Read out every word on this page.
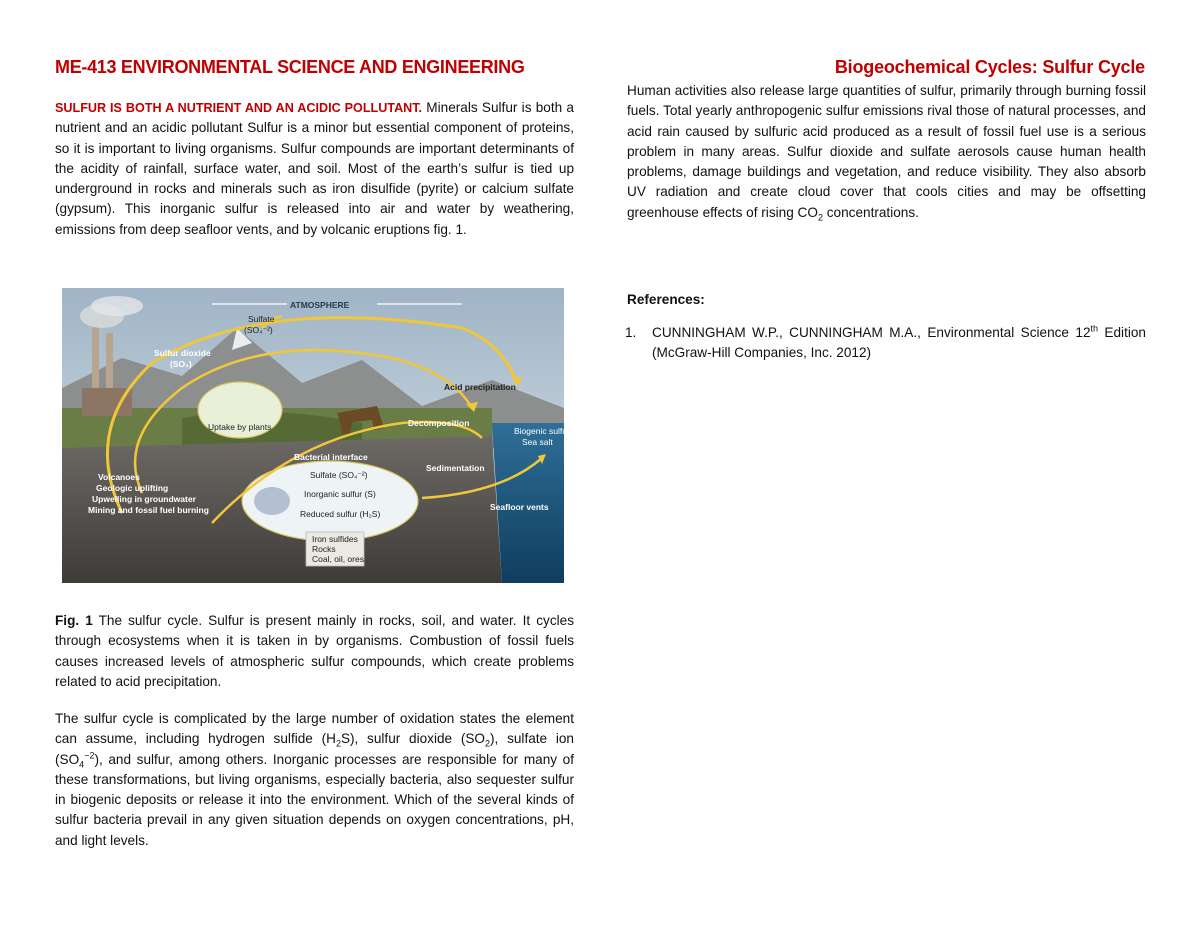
ME-413 ENVIRONMENTAL SCIENCE AND ENGINEERING	Biogeochemical Cycles: Sulfur Cycle

SULFUR IS BOTH A NUTRIENT AND AN ACIDIC POLLUTANT. Minerals Sulfur is both a nutrient and an acidic pollutant Sulfur is a minor but essential component of proteins, so it is important to living organisms. Sulfur compounds are important determinants of the acidity of rainfall, surface water, and soil. Most of the earth’s sulfur is tied up underground in rocks and minerals such as iron disulfide (pyrite) or calcium sulfate (gypsum). This inorganic sulfur is released into air and water by weathering, emissions from deep seafloor vents, and by volcanic eruptions fig. 1.

ATMOSPHERE
Sulfate
(SO₄⁻²)
Sulfur dioxide
(SO₂)
Acid precipitation
Uptake by plants	Decomposition
Biogenic sulfur
Sea salt
Bacterial interface
Sedimentation
Sulfate (SO₄⁻²)
Inorganic sulfur (S)
Reduced sulfur (H₂S)
Volcanoes
Geologic uplifting
Upwelling in groundwater
Mining and fossil fuel burning	Seafloor vents
Iron sulfides
Rocks
Coal, oil, ores

Fig. 1 The sulfur cycle. Sulfur is present mainly in rocks, soil, and water. It cycles through ecosystems when it is taken in by organisms. Combustion of fossil fuels causes increased levels of atmospheric sulfur compounds, which create problems related to acid precipitation.

The sulfur cycle is complicated by the large number of oxidation states the element can assume, including hydrogen sulfide $(H_2S)$, sulfur dioxide $(SO_2)$, sulfate ion $(SO_4^{-2})$, and sulfur, among others. Inorganic processes are responsible for many of these transformations, but living organisms, especially bacteria, also sequester sulfur in biogenic deposits or release it into the environment. Which of the several kinds of sulfur bacteria prevail in any given situation depends on oxygen concentrations, pH, and light levels.

Human activities also release large quantities of sulfur, primarily through burning fossil fuels. Total yearly anthropogenic sulfur emissions rival those of natural processes, and acid rain caused by sulfuric acid produced as a result of fossil fuel use is a serious problem in many areas. Sulfur dioxide and sulfate aerosols cause human health problems, damage buildings and vegetation, and reduce visibility. They also absorb UV radiation and create cloud cover that cools cities and may be offsetting greenhouse effects of rising $CO_2$ concentrations.

References:

1. CUNNINGHAM W.P., CUNNINGHAM M.A., Environmental Science 12th Edition (McGraw-Hill Companies, Inc. 2012)
